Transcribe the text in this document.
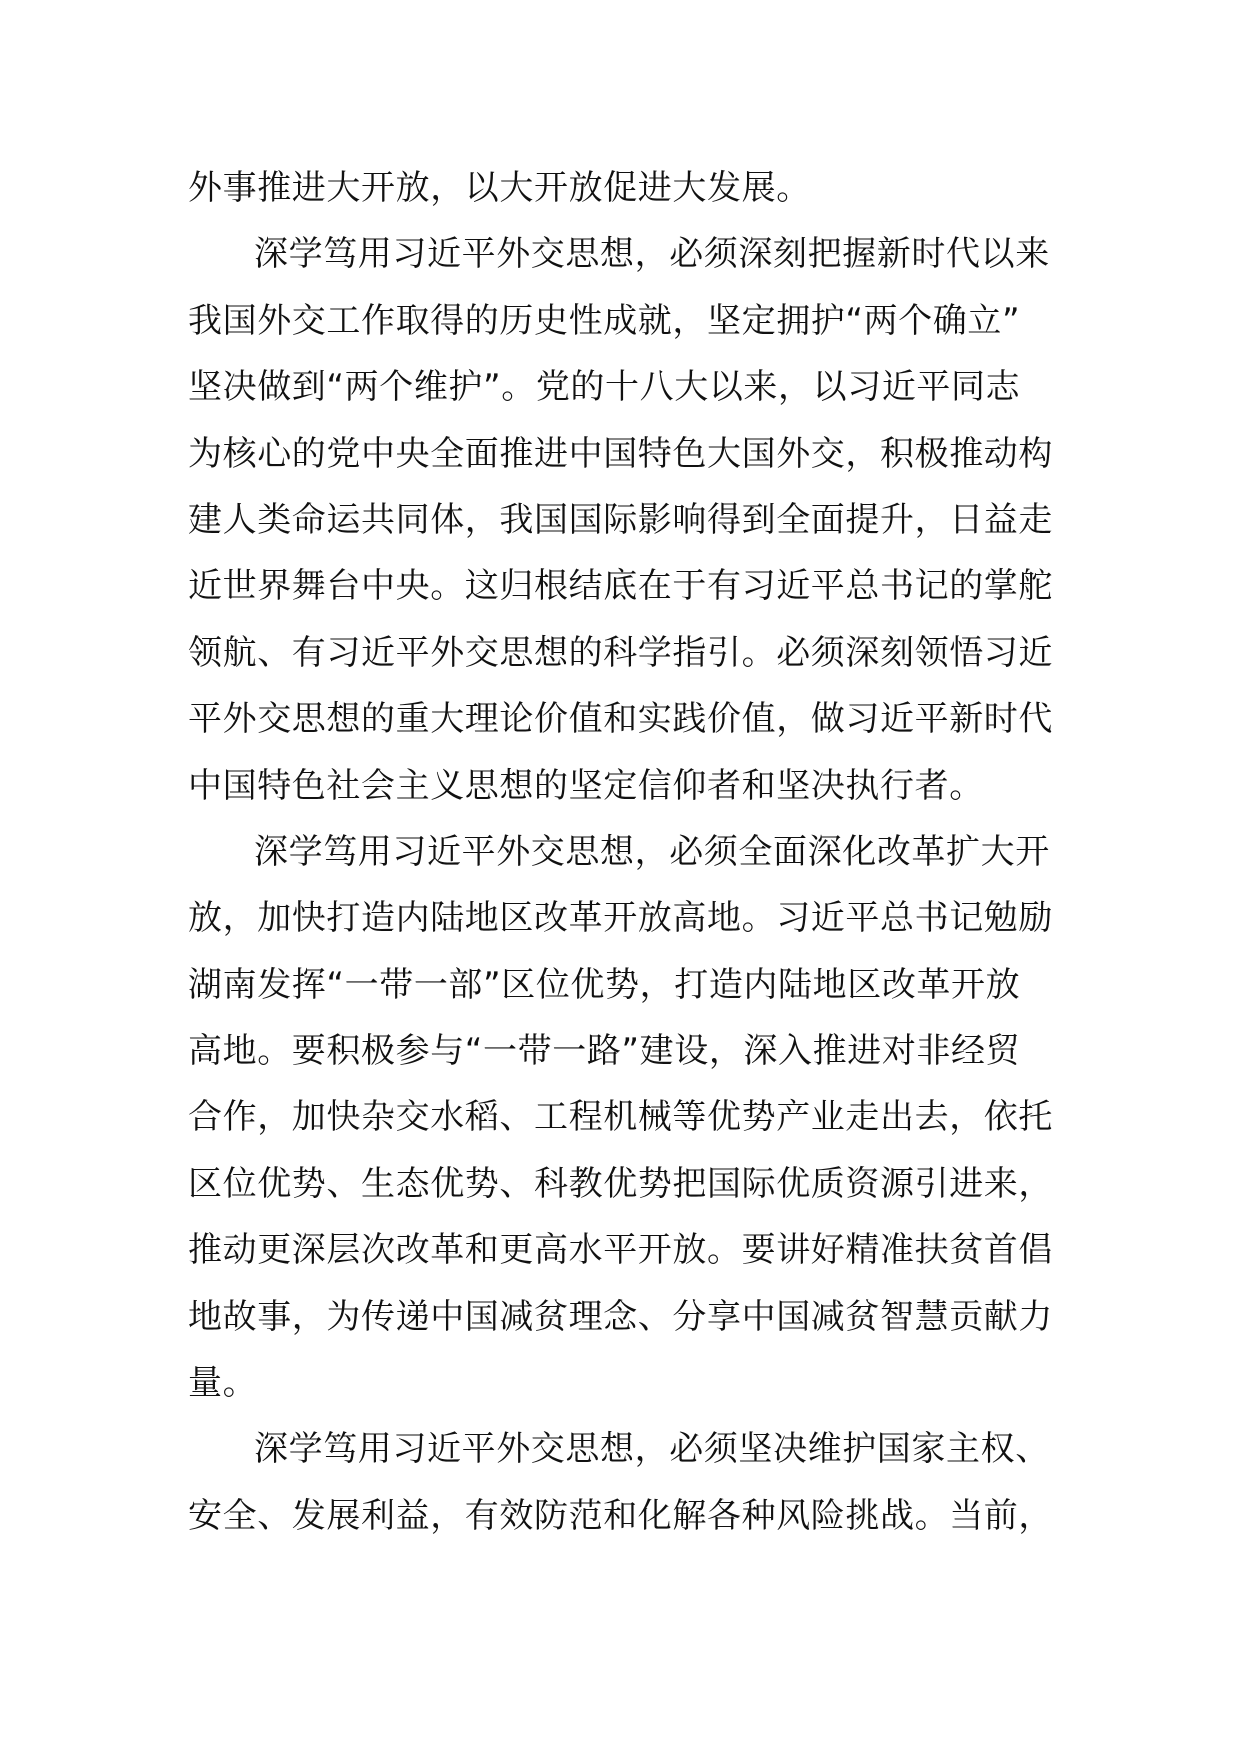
外事推进大开放，以大开放促进大发展。
深学笃用习近平外交思想，必须深刻把握新时代以来
我国外交工作取得的历史性成就，坚定拥护“两个确立”
坚决做到“两个维护”。党的十八大以来，以习近平同志
为核心的党中央全面推进中国特色大国外交，积极推动构
建人类命运共同体，我国国际影响得到全面提升，日益走
近世界舞台中央。这归根结底在于有习近平总书记的掌舵
领航、有习近平外交思想的科学指引。必须深刻领悟习近
平外交思想的重大理论价值和实践价值，做习近平新时代
中国特色社会主义思想的坚定信仰者和坚决执行者。
深学笃用习近平外交思想，必须全面深化改革扩大开
放，加快打造内陆地区改革开放高地。习近平总书记勉励
湖南发挥“一带一部”区位优势，打造内陆地区改革开放
高地。要积极参与“一带一路”建设，深入推进对非经贸
合作，加快杂交水稻、工程机械等优势产业走出去，依托
区位优势、生态优势、科教优势把国际优质资源引进来，
推动更深层次改革和更高水平开放。要讲好精准扶贫首倡
地故事，为传递中国减贫理念、分享中国减贫智慧贡献力
量。
深学笃用习近平外交思想，必须坚决维护国家主权、
安全、发展利益，有效防范和化解各种风险挑战。当前，
